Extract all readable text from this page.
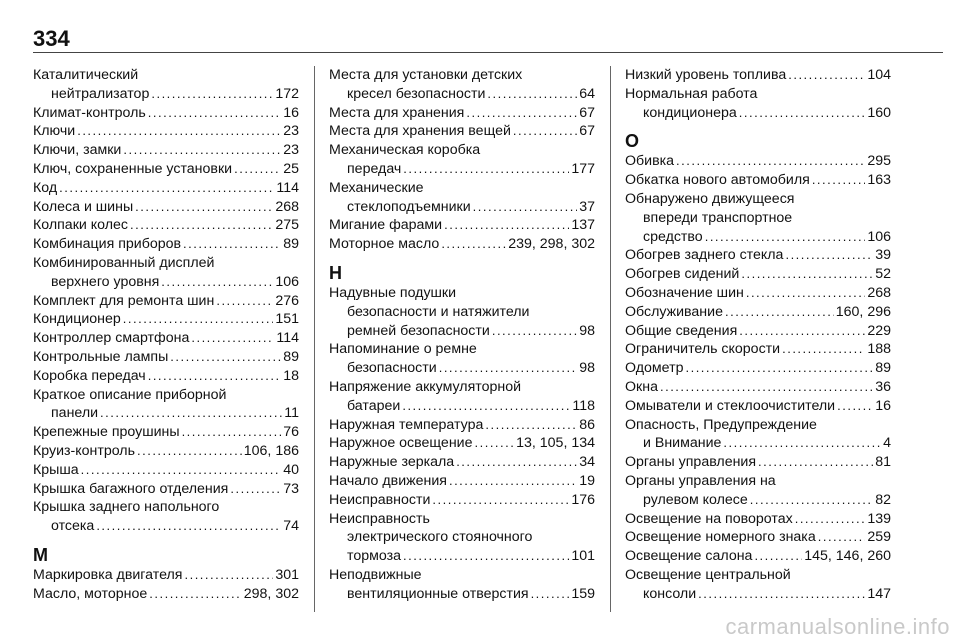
334
Каталитический
нейтрализатор .....	172
Климат-контроль .....	16
Ключи .....	23
Ключи, замки .....	23
Ключ, сохраненные установки .....	25
Код .....	114
Колеса и шины .....	268
Колпаки колес .....	275
Комбинация приборов .....	89
Комбинированный дисплей
верхнего уровня .....	106
Комплект для ремонта шин .....	276
Кондиционер .....	151
Контроллер смартфона .....	114
Контрольные лампы .....	89
Коробка передач .....	18
Краткое описание приборной
панели .....	11
Крепежные проушины .....	76
Круиз-контроль .....	106, 186
Крыша .....	40
Крышка багажного отделения .....	73
Крышка заднего напольного
отсека .....	74
М
Маркировка двигателя .....	301
Масло, моторное .....	298, 302
Места для установки детских
кресел безопасности .....	64
Места для хранения .....	67
Места для хранения вещей .....	67
Механическая коробка
передач .....	177
Механические
стеклоподъемники .....	37
Мигание фарами .....	137
Моторное масло .....	239, 298, 302
Н
Надувные подушки
безопасности и натяжители
ремней безопасности .....	98
Напоминание о ремне
безопасности .....	98
Напряжение аккумуляторной
батареи .....	118
Наружная температура .....	86
Наружное освещение .....	13, 105, 134
Наружные зеркала .....	34
Начало движения .....	19
Неисправности .....	176
Неисправность
электрического стояночного
тормоза .....	101
Неподвижные
вентиляционные отверстия .....	159
Низкий уровень топлива .....	104
Нормальная работа
кондиционера .....	160
О
Обивка .....	295
Обкатка нового автомобиля .....	163
Обнаружено движущееся
впереди транспортное
средство .....	106
Обогрев заднего стекла .....	39
Обогрев сидений .....	52
Обозначение шин .....	268
Обслуживание .....	160, 296
Общие сведения .....	229
Ограничитель скорости .....	188
Одометр .....	89
Окна .....	36
Омыватели и стеклоочистители .....	16
Опасность, Предупреждение
и Внимание .....	4
Органы управления .....	81
Органы управления на
рулевом колесе .....	82
Освещение на поворотах .....	139
Освещение номерного знака .....	259
Освещение салона .....	145, 146, 260
Освещение центральной
консоли .....	147
carmanualsonline.info
